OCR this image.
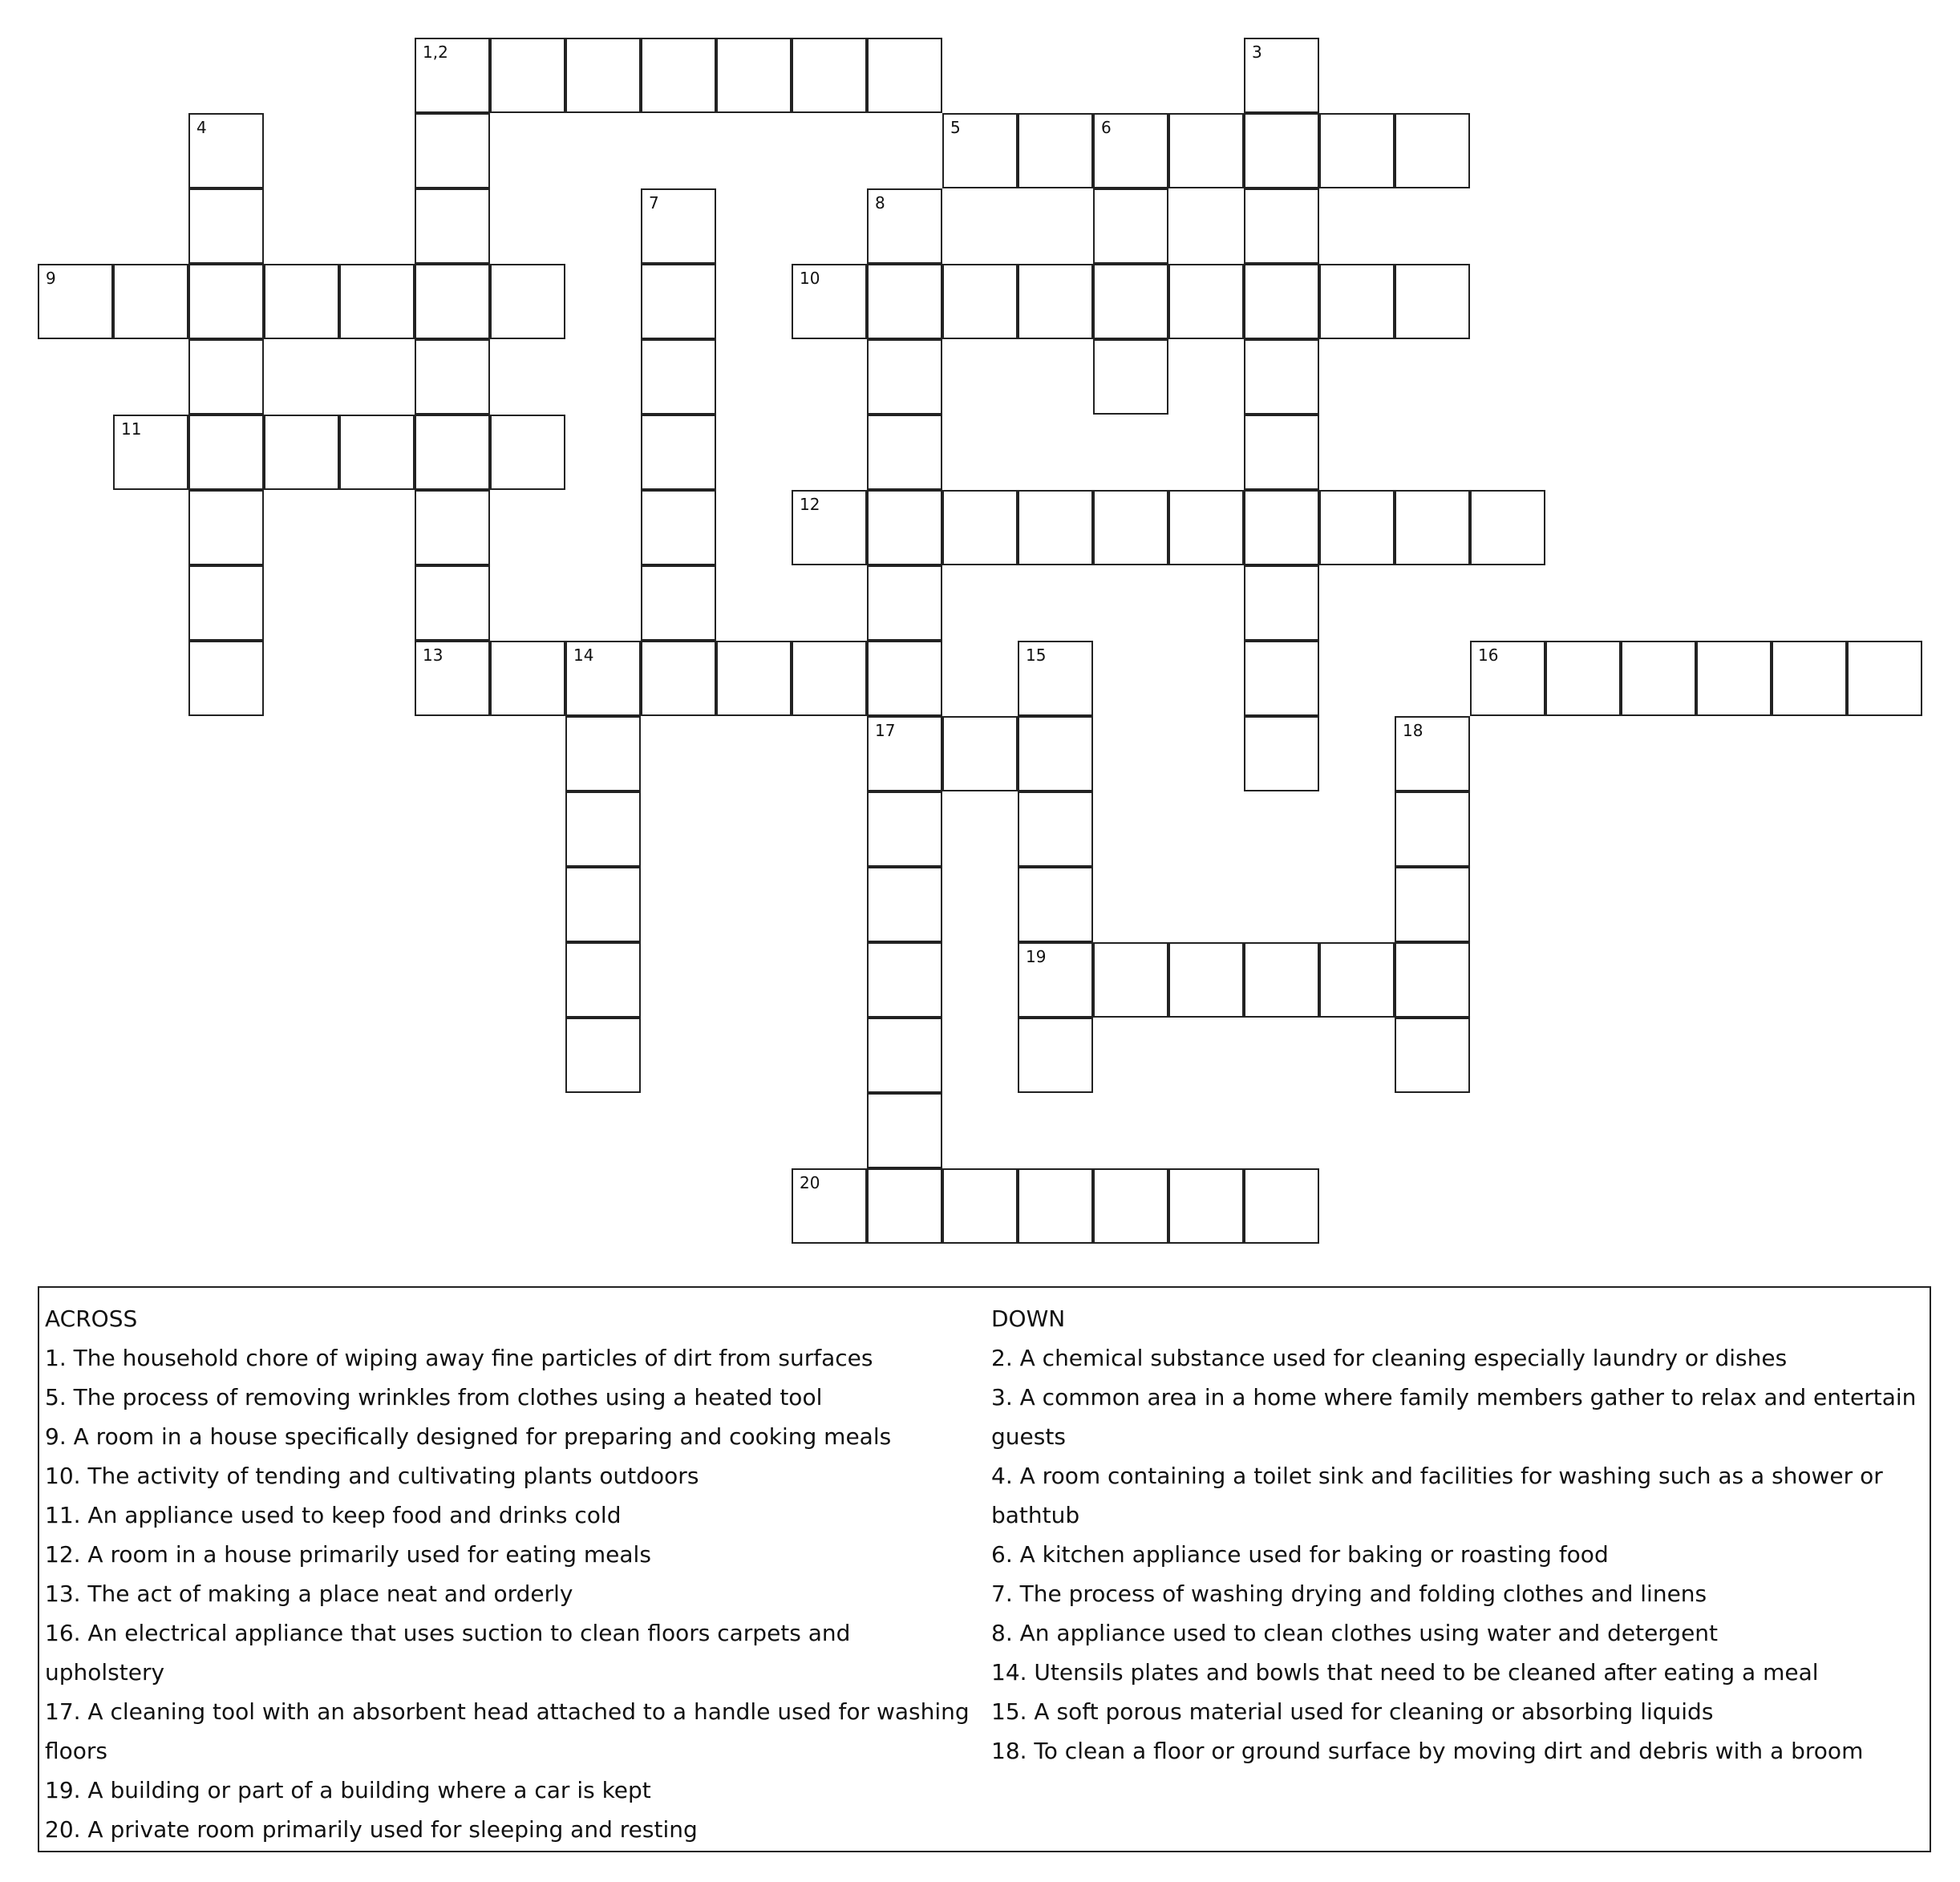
1,2	3
4	5	6
7	8
9	10
11
12
13	14	15	16
17	18
19
20

ACROSS

1. The household chore of wiping away fine particles of dirt from surfaces

5. The process of removing wrinkles from clothes using a heated tool

9. A room in a house specifically designed for preparing and cooking meals

10. The activity of tending and cultivating plants outdoors

11. An appliance used to keep food and drinks cold

12. A room in a house primarily used for eating meals

13. The act of making a place neat and orderly

16. An electrical appliance that uses suction to clean floors carpets and upholstery

17. A cleaning tool with an absorbent head attached to a handle used for washing

floors

19. A building or part of a building where a car is kept

20. A private room primarily used for sleeping and resting

DOWN

2. A chemical substance used for cleaning especially laundry or dishes

3. A common area in a home where family members gather to relax and entertain

guests

4. A room containing a toilet sink and facilities for washing such as a shower or

bathtub

6. A kitchen appliance used for baking or roasting food

7. The process of washing drying and folding clothes and linens

8. An appliance used to clean clothes using water and detergent

14. Utensils plates and bowls that need to be cleaned after eating a meal

15. A soft porous material used for cleaning or absorbing liquids

18. To clean a floor or ground surface by moving dirt and debris with a broom
